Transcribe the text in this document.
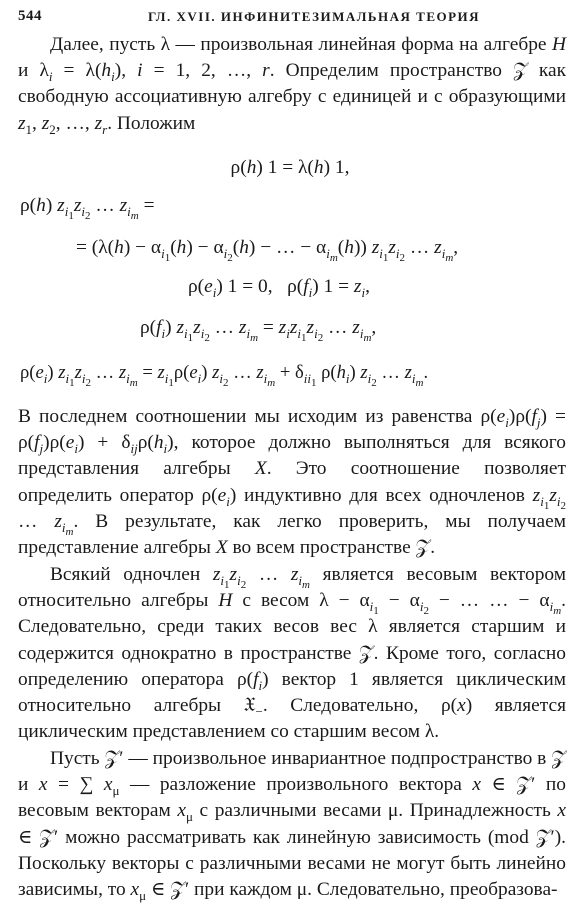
544	ГЛ. XVII. ИНФИНИТЕЗИМАЛЬНАЯ ТЕОРИЯ

Далее, пусть λ — произвольная линейная форма на алгебре H и $\lambda_i = \lambda(h_i)$, i = 1, 2, …, r. Определим пространство 𝒵 как свободную ассоциативную алгебру с единицей и с образующими $z_1$, $z_2$, …, $z_r$. Положим

ρ(h) 1 = λ(h) 1,
ρ(h) $z_{i_1}z_{i_2}$ … $z_{i_m}$ =
= ($\lambda(h) - \alpha_{i_1}(h) - \alpha_{i_2}(h)$ − … − $\alpha_{i_m}(h)$) $z_{i_1}z_{i_2}$ … $z_{i_m}$,
$\rho(e_i) 1 = 0$,   $\rho(f_i) 1 = z_i$,
$\rho(f_i)$ $z_{i_1}z_{i_2}$ … $z_{i_m} = z_iz_{i_1}z_{i_2}$ … $z_{i_m}$,
$\rho(e_i)$ $z_{i_1}z_{i_2}$ … $z_{i_m} = z_{i_1}\rho(e_i)$ $z_{i_2}$ … $z_{i_m} + \delta_{ii_1}$ $\rho(h_i)$ $z_{i_2}$ … $z_{i_m}$.

В последнем соотношении мы исходим из равенства $\rho(e_i)\rho(f_j) = \rho(f_j)\rho(e_i) + \delta_{ij}\rho(h_i)$, которое должно выполняться для всякого представления алгебры X. Это соотношение позволяет определить оператор $\rho(e_i)$ индуктивно для всех одночленов $z_{i_1}z_{i_2}$ … $z_{i_m}$. В результате, как легко проверить, мы получаем представление алгебры X во всем пространстве 𝒵.

Всякий одночлен $z_{i_1}z_{i_2}$ … $z_{i_m}$ является весовым вектором относительно алгебры H с весом $\lambda - \alpha_{i_1} - \alpha_{i_2}$ − … … − $\alpha_{i_m}$. Следовательно, среди таких весов вес λ является старшим и содержится однократно в пространстве 𝒵. Кроме того, согласно определению оператора $\rho(f_i)$ вектор 1 является циклическим относительно алгебры 𝔛$_-$. Следовательно, ρ(x) является циклическим представлением со старшим весом λ.

Пусть 𝒵′ — произвольное инвариантное подпространство в 𝒵 и x = ∑ $x_\mu$ — разложение произвольного вектора x ∈ 𝒵′ по весовым векторам $x_\mu$ с различными весами μ. Принадлежность x ∈ 𝒵′ можно рассматривать как линейную зависимость (mod 𝒵′). Поскольку векторы с различными весами не могут быть линейно зависимы, то $x_\mu$ ∈ 𝒵′ при каждом μ. Следовательно, преобразова-
